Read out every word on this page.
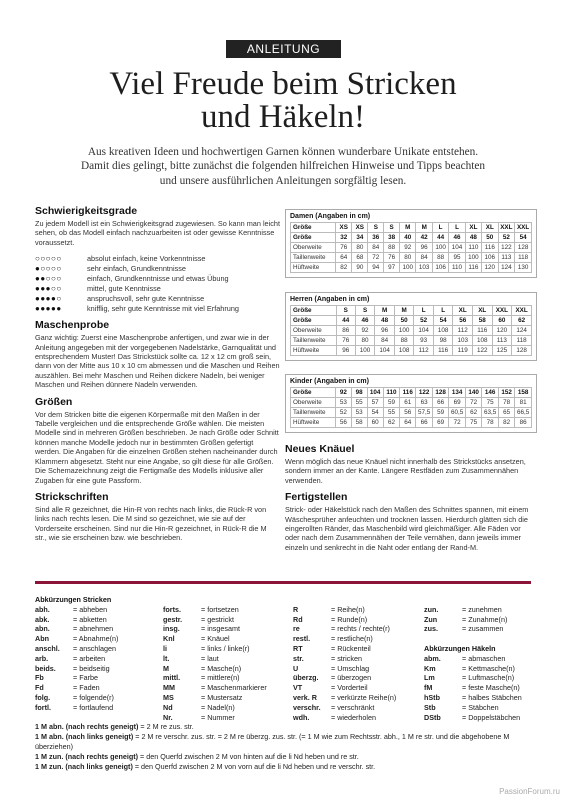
ANLEITUNG
Viel Freude beim Stricken
und Häkeln!
Aus kreativen Ideen und hochwertigen Garnen können wunderbare Unikate entstehen. Damit dies gelingt, bitte zunächst die folgenden hilfreichen Hinweise und Tipps beachten und unsere ausführlichen Anleitungen sorgfältig lesen.
Schwierigkeitsgrade

Zu jedem Modell ist ein Schwierigkeitsgrad zugewiesen. So kann man leicht sehen, ob das Modell einfach nachzuarbeiten ist oder gewisse Kenntnisse voraussetzt.

○○○○○	absolut einfach, keine Vorkenntnisse
●○○○○	sehr einfach, Grundkenntnisse
●●○○○	einfach, Grundkenntnisse und etwas Übung
●●●○○	mittel, gute Kenntnisse
●●●●○	anspruchsvoll, sehr gute Kenntnisse
●●●●●	knifflig, sehr gute Kenntnisse mit viel Erfahrung
Maschenprobe

Ganz wichtig: Zuerst eine Maschenprobe anfertigen, und zwar wie in der Anleitung angegeben mit der vorgegebenen Nadelstärke, Garnqualität und entsprechendem Muster! Das Strickstück sollte ca. 12 x 12 cm groß sein, dann von der Mitte aus 10 x 10 cm abmessen und die Maschen und Reihen auszählen. Bei mehr Maschen und Reihen dickere Nadeln, bei weniger Maschen und Reihen dünnere Nadeln verwenden.

Größen

Vor dem Stricken bitte die eigenen Körpermaße mit den Maßen in der Tabelle vergleichen und die entsprechende Größe wählen. Die meisten Modelle sind in mehreren Größen beschrieben. Je nach Größe oder Schnitt können manche Modelle jedoch nur in bestimmten Größen gefertigt werden. Die Angaben für die einzelnen Größen stehen nacheinander durch Klammern abgesetzt. Steht nur eine Angabe, so gilt diese für alle Größen. Die Schemazeichnung zeigt die Fertigmaße des Modells inklusive aller Zugaben für eine gute Passform.

Strickschriften

Sind alle R gezeichnet, die Hin-R von rechts nach links, die Rück-R von links nach rechts lesen. Die M sind so gezeichnet, wie sie auf der Vorderseite erscheinen. Sind nur die Hin-R gezeichnet, in Rück-R die M str., wie sie erscheinen bzw. wie beschrieben.

Damen (Angaben in cm)
Größe	XS	XS	S	S	M	M	L	L	XL	XL	XXL	XXL
Größe	32	34	36	38	40	42	44	46	48	50	52	54
Oberweite	76	80	84	88	92	96	100	104	110	116	122	128
Taillenweite	64	68	72	76	80	84	88	95	100	106	113	118
Hüftweite	82	90	94	97	100	103	106	110	116	120	124	130
Herren (Angaben in cm)
Größe	S	S	M	M	L	L	XL	XL	XXL	XXL
Größe	44	46	48	50	52	54	56	58	60	62
Oberweite	86	92	96	100	104	108	112	116	120	124
Taillenweite	76	80	84	88	93	98	103	108	113	118
Hüftweite	96	100	104	108	112	116	119	122	125	128
Kinder (Angaben in cm)
Größe	92	98	104	110	116	122	128	134	140	146	152	158
Oberweite	53	55	57	59	61	63	66	69	72	75	78	81
Taillenweite	52	53	54	55	56	57,5	59	60,5	62	63,5	65	66,5
Hüftweite	56	58	60	62	64	66	69	72	75	78	82	86
Neues Knäuel

Wenn möglich das neue Knäuel nicht innerhalb des Strickstücks ansetzen, sondern immer an der Kante. Längere Restfäden zum Zusammennähen verwenden.

Fertigstellen

Strick- oder Häkelstück nach den Maßen des Schnittes spannen, mit einem Wäschesprüher anfeuchten und trocknen lassen. Hierdurch glätten sich die eingerollten Ränder, das Maschenbild wird gleichmäßiger. Alle Fäden vor oder nach dem Zusammennähen der Teile vernähen, dann jeweils immer einzeln und senkrecht in die Naht oder entlang der Rand-M.

Abkürzungen Stricken
abh.	= abheben
abk.	= abketten
abn.	= abnehmen
Abn	= Abnahme(n)
anschl.	= anschlagen
arb.	= arbeiten
beids.	= beidseitig
Fb	= Farbe
Fd	= Faden
folg.	= folgende(r)
fortl.	= fortlaufend

forts.	= fortsetzen
gestr.	= gestrickt
insg.	= insgesamt
Knl	= Knäuel
li	= links / linke(r)
lt.	= laut
M	= Masche(n)
mittl.	= mittlere(n)
MM	= Maschenmarkierer
MS	= Mustersatz
Nd	= Nadel(n)
Nr.	= Nummer

R	= Reihe(n)
Rd	= Runde(n)
re	= rechts / rechte(r)
restl.	= restliche(n)
RT	= Rückenteil
str.	= stricken
U	= Umschlag
überzg.	= überzogen
VT	= Vorderteil
verk. R	= verkürzte Reihe(n)
verschr.	= verschränkt
wdh.	= wiederholen

zun.	= zunehmen
Zun	= Zunahme(n)
zus.	= zusammen

Abkürzungen Häkeln
abm.	= abmaschen
Km	= Kettmasche(n)
Lm	= Luftmasche(n)
fM	= feste Masche(n)
hStb	= halbes Stäbchen
Stb	= Stäbchen
DStb	= Doppelstäbchen
1 M abn. (nach rechts geneigt) = 2 M re zus. str.
1 M abn. (nach links geneigt) = 2 M re verschr. zus. str. = 2 M re überzg. zus. str. (= 1 M wie zum Rechtsstr. abh., 1 M re str. und die abgehobene M überziehen)
1 M zun. (nach rechts geneigt) = den Querfd zwischen 2 M von hinten auf die li Nd heben und re str.
1 M zun. (nach links geneigt) = den Querfd zwischen 2 M von vorn auf die li Nd heben und re verschr. str.
PassionForum.ru
